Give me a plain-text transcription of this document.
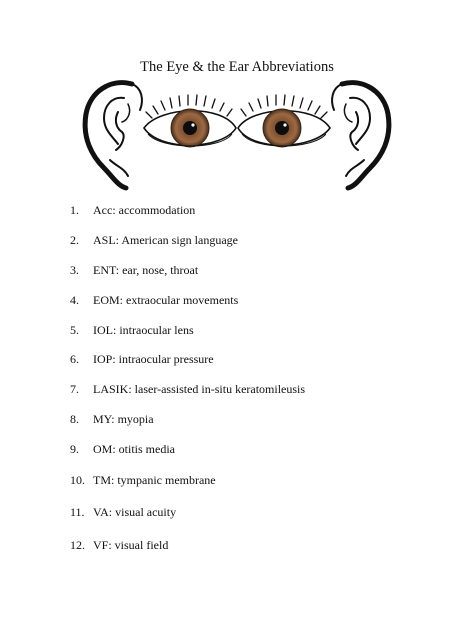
The Eye & the Ear Abbreviations
1. Acc: accommodation
2. ASL: American sign language
3. ENT: ear, nose, throat
4. EOM: extraocular movements
5. IOL: intraocular lens
6. IOP: intraocular pressure
7. LASIK: laser-assisted in-situ keratomileusis
8. MY: myopia
9. OM: otitis media
10. TM: tympanic membrane
11. VA: visual acuity
12. VF: visual field
